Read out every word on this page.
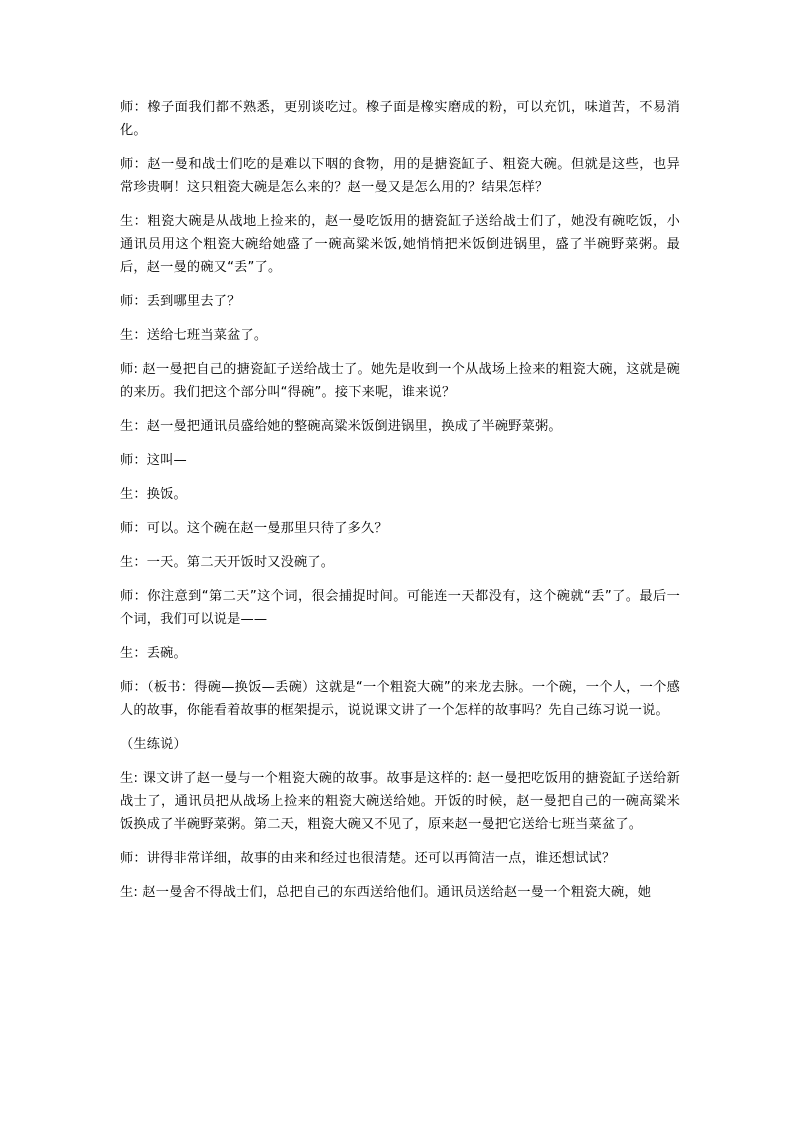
师：橡子面我们都不熟悉，更别谈吃过。橡子面是橡实磨成的粉，可以充饥，味道苦，不易消化。

师：赵一曼和战士们吃的是难以下咽的食物，用的是搪瓷缸子、粗瓷大碗。但就是这些，也异常珍贵啊！这只粗瓷大碗是怎么来的？赵一曼又是怎么用的？结果怎样？

生：粗瓷大碗是从战地上捡来的，赵一曼吃饭用的搪瓷缸子送给战士们了，她没有碗吃饭，小通讯员用这个粗瓷大碗给她盛了一碗高粱米饭,她悄悄把米饭倒进锅里，盛了半碗野菜粥。最后，赵一曼的碗又“丢”了。

师：丢到哪里去了？

生：送给七班当菜盆了。

师: 赵一曼把自己的搪瓷缸子送给战士了。她先是收到一个从战场上捡来的粗瓷大碗，这就是碗的来历。我们把这个部分叫“得碗”。接下来呢，谁来说？

生：赵一曼把通讯员盛给她的整碗高粱米饭倒进锅里，换成了半碗野菜粥。

师：这叫—

生：换饭。

师：可以。这个碗在赵一曼那里只待了多久？

生：一天。第二天开饭时又没碗了。

师：你注意到“第二天”这个词，很会捕捉时间。可能连一天都没有，这个碗就“丢”了。最后一个词，我们可以说是——

生：丢碗。

师：（板书：得碗—换饭—丢碗）这就是“一个粗瓷大碗”的来龙去脉。一个碗，一个人，一个感人的故事，你能看着故事的框架提示，说说课文讲了一个怎样的故事吗？先自己练习说一说。

（生练说）

生: 课文讲了赵一曼与一个粗瓷大碗的故事。故事是这样的: 赵一曼把吃饭用的搪瓷缸子送给新战士了，通讯员把从战场上捡来的粗瓷大碗送给她。开饭的时候，赵一曼把自己的一碗高粱米饭换成了半碗野菜粥。第二天，粗瓷大碗又不见了，原来赵一曼把它送给七班当菜盆了。

师：讲得非常详细，故事的由来和经过也很清楚。还可以再简洁一点，谁还想试试？

生: 赵一曼舍不得战士们，总把自己的东西送给他们。通讯员送给赵一曼一个粗瓷大碗，她
